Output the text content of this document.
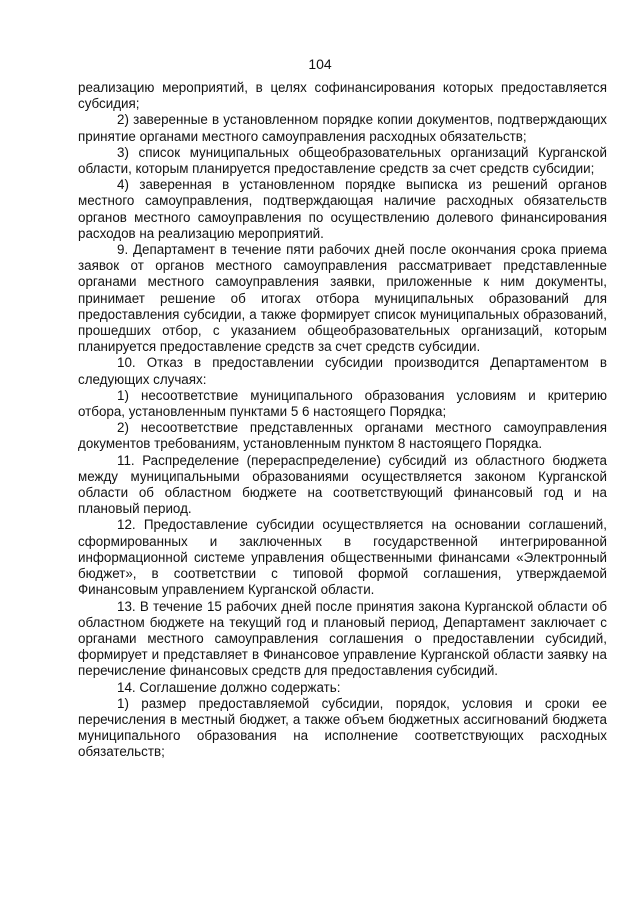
104

реализацию мероприятий, в целях софинансирования которых предоставляется субсидия;

2) заверенные в установленном порядке копии документов, подтверждающих принятие органами местного самоуправления расходных обязательств;

3) список муниципальных общеобразовательных организаций Курганской области, которым планируется предоставление средств за счет средств субсидии;

4) заверенная в установленном порядке выписка из решений органов местного самоуправления, подтверждающая наличие расходных обязательств органов местного самоуправления по осуществлению долевого финансирования расходов на реализацию мероприятий.

9. Департамент в течение пяти рабочих дней после окончания срока приема заявок от органов местного самоуправления рассматривает представленные органами местного самоуправления заявки, приложенные к ним документы, принимает решение об итогах отбора муниципальных образований для предоставления субсидии, а также формирует список муниципальных образований, прошедших отбор, с указанием общеобразовательных организаций, которым планируется предоставление средств за счет средств субсидии.

10. Отказ в предоставлении субсидии производится Департаментом в следующих случаях:

1) несоответствие муниципального образования условиям и критерию отбора, установленным пунктами 5 6 настоящего Порядка;

2) несоответствие представленных органами местного самоуправления документов требованиям, установленным пунктом 8 настоящего Порядка.

11. Распределение (перераспределение) субсидий из областного бюджета между муниципальными образованиями осуществляется законом Курганской области об областном бюджете на соответствующий финансовый год и на плановый период.

12. Предоставление субсидии осуществляется на основании соглашений, сформированных и заключенных в государственной интегрированной информационной системе управления общественными финансами «Электронный бюджет», в соответствии с типовой формой соглашения, утверждаемой Финансовым управлением Курганской области.

13. В течение 15 рабочих дней после принятия закона Курганской области об областном бюджете на текущий год и плановый период, Департамент заключает с органами местного самоуправления соглашения о предоставлении субсидий, формирует и представляет в Финансовое управление Курганской области заявку на перечисление финансовых средств для предоставления субсидий.

14. Соглашение должно содержать:

1) размер предоставляемой субсидии, порядок, условия и сроки ее перечисления в местный бюджет, а также объем бюджетных ассигнований бюджета муниципального образования на исполнение соответствующих расходных обязательств;
